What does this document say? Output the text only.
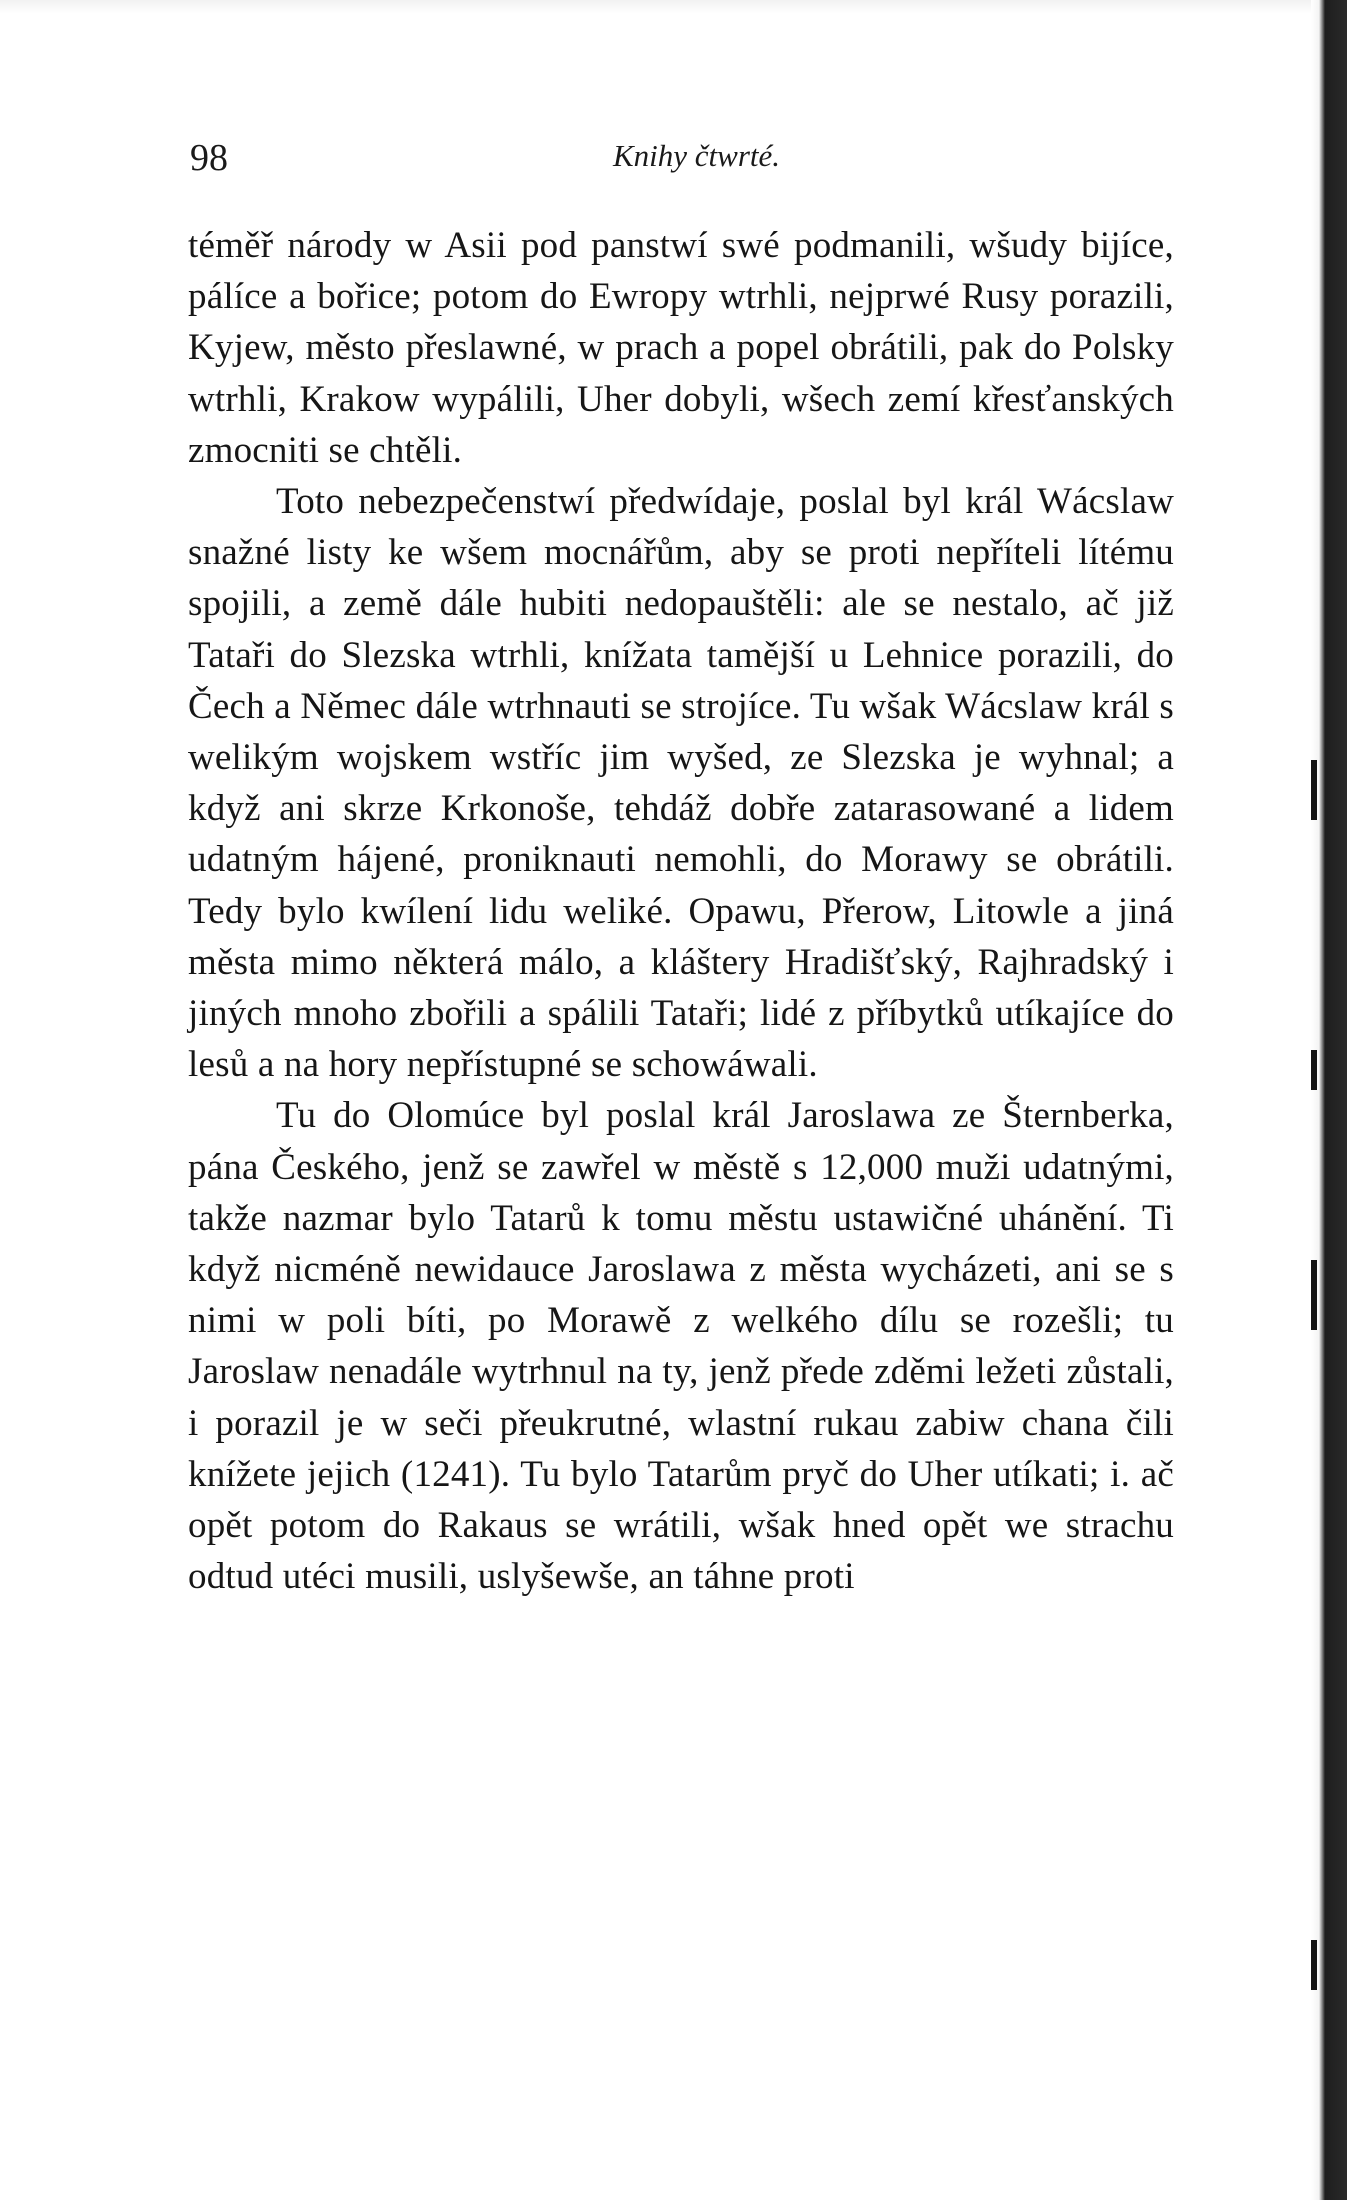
98	Knihy čtwrté.

téměř národy w Asii pod panstwí swé podmanili, wšudy bijíce, pálíce a bořice; potom do Ewropy wtrhli, nejprwé Rusy porazili, Kyjew, město přeslawné, w prach a popel obrátili, pak do Polsky wtrhli, Krakow wypálili, Uher dobyli, wšech zemí křesťanských zmocniti se chtěli.

Toto nebezpečenstwí předwídaje, poslal byl král Wácslaw snažné listy ke wšem mocnářům, aby se proti nepříteli lítému spojili, a země dále hubiti nedopauštěli: ale se nestalo, ač již Tataři do Slezska wtrhli, knížata tamější u Lehnice porazili, do Čech a Němec dále wtrhnauti se strojíce. Tu wšak Wácslaw král s welikým wojskem wstříc jim wyšed, ze Slezska je wyhnal; a když ani skrze Krkonoše, tehdáž dobře zatarasowané a lidem udatným hájené, proniknauti nemohli, do Morawy se obrátili. Tedy bylo kwílení lidu weliké. Opawu, Přerow, Litowle a jiná města mimo některá málo, a kláštery Hradišťský, Rajhradský i jiných mnoho zbořili a spálili Tataři; lidé z příbytků utíkajíce do lesů a na hory nepřístupné se schowáwali.

Tu do Olomúce byl poslal král Jaroslawa ze Šternberka, pána Českého, jenž se zawřel w městě s 12,000 muži udatnými, takže nazmar bylo Tatarů k tomu městu ustawičné uhánění. Ti když nicméně newidauce Jaroslawa z města wycházeti, ani se s nimi w poli bíti, po Morawě z welkého dílu se rozešli; tu Jaroslaw nenadále wytrhnul na ty, jenž přede zděmi ležeti zůstali, i porazil je w seči přeukrutné, wlastní rukau zabiw chana čili knížete jejich (1241). Tu bylo Tatarům pryč do Uher utíkati; i. ač opět potom do Rakaus se wrátili, wšak hned opět we strachu odtud utéci musili, uslyšewše, an táhne proti
